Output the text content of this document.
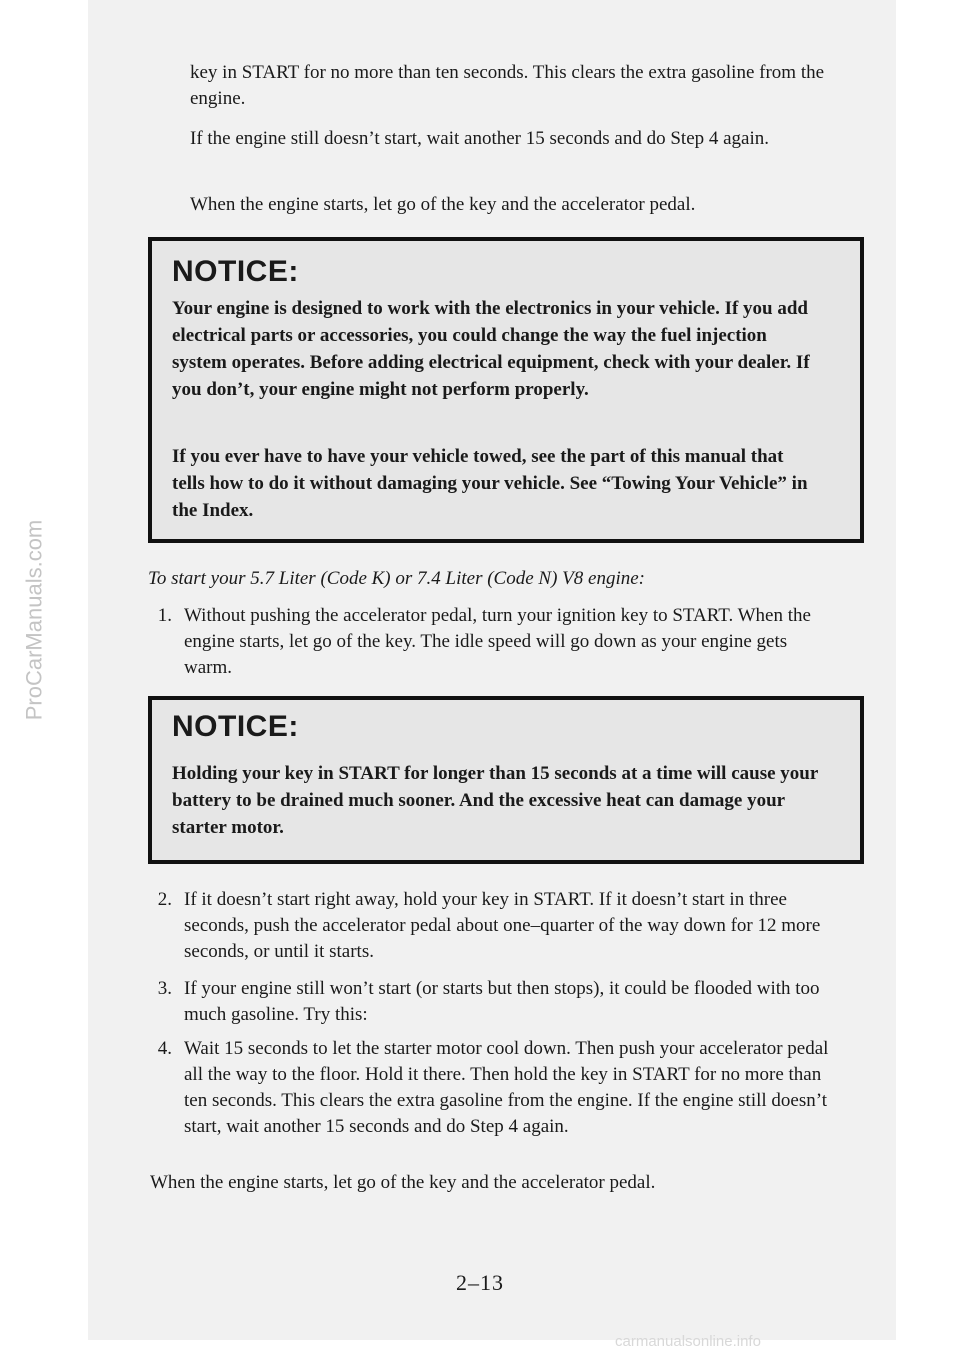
ProCarManuals.com

key in START for no more than ten seconds. This clears the extra gasoline from the engine.

If the engine still doesn’t start, wait another 15 seconds and do Step 4 again.

When the engine starts, let go of the key and the accelerator pedal.

NOTICE:

Your engine is designed to work with the electronics in your vehicle. If you add electrical parts or accessories, you could change the way the fuel injection system operates. Before adding electrical equipment, check with your dealer. If you don’t, your engine might not perform properly.

If you ever have to have your vehicle towed, see the part of this manual that tells how to do it without damaging your vehicle. See “Towing Your Vehicle” in the Index.

To start your 5.7 Liter (Code K) or 7.4 Liter (Code N) V8 engine:

1. Without pushing the accelerator pedal, turn your ignition key to START. When the engine starts, let go of the key. The idle speed will go down as your engine gets warm.

NOTICE:

Holding your key in START for longer than 15 seconds at a time will cause your battery to be drained much sooner. And the excessive heat can damage your starter motor.

2. If it doesn’t start right away, hold your key in START. If it doesn’t start in three seconds, push the accelerator pedal about one–quarter of the way down for 12 more seconds, or until it starts.
3. If your engine still won’t start (or starts but then stops), it could be flooded with too much gasoline. Try this:
4. Wait 15 seconds to let the starter motor cool down. Then push your accelerator pedal all the way to the floor. Hold it there. Then hold the key in START for no more than ten seconds. This clears the extra gasoline from the engine. If the engine still doesn’t start, wait another 15 seconds and do Step 4 again.

When the engine starts, let go of the key and the accelerator pedal.

2–13
carmanualsonline.info
